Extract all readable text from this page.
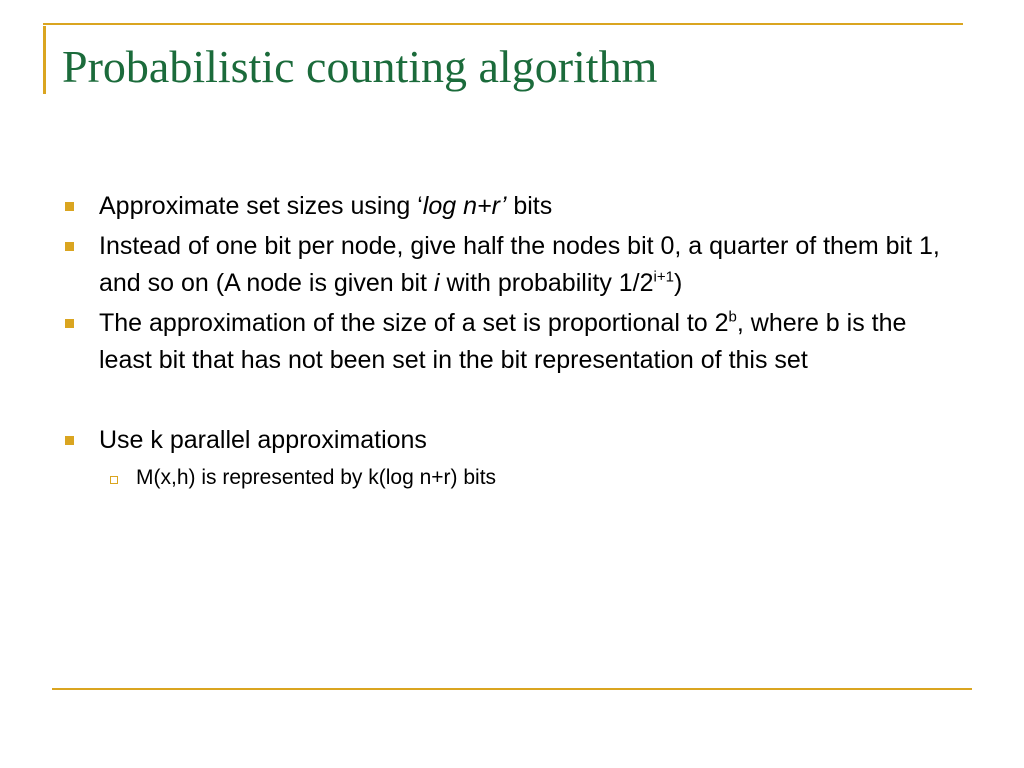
Probabilistic counting algorithm
Approximate set sizes using ‘log n+r’ bits
Instead of one bit per node, give half the nodes bit 0, a quarter of them bit 1, and so on (A node is given bit i with probability $1/2^{i+1}$)
The approximation of the size of a set is proportional to 2$^b$, where b is the least bit that has not been set in the bit representation of this set
Use k parallel approximations
M(x,h) is represented by k(log n+r) bits
